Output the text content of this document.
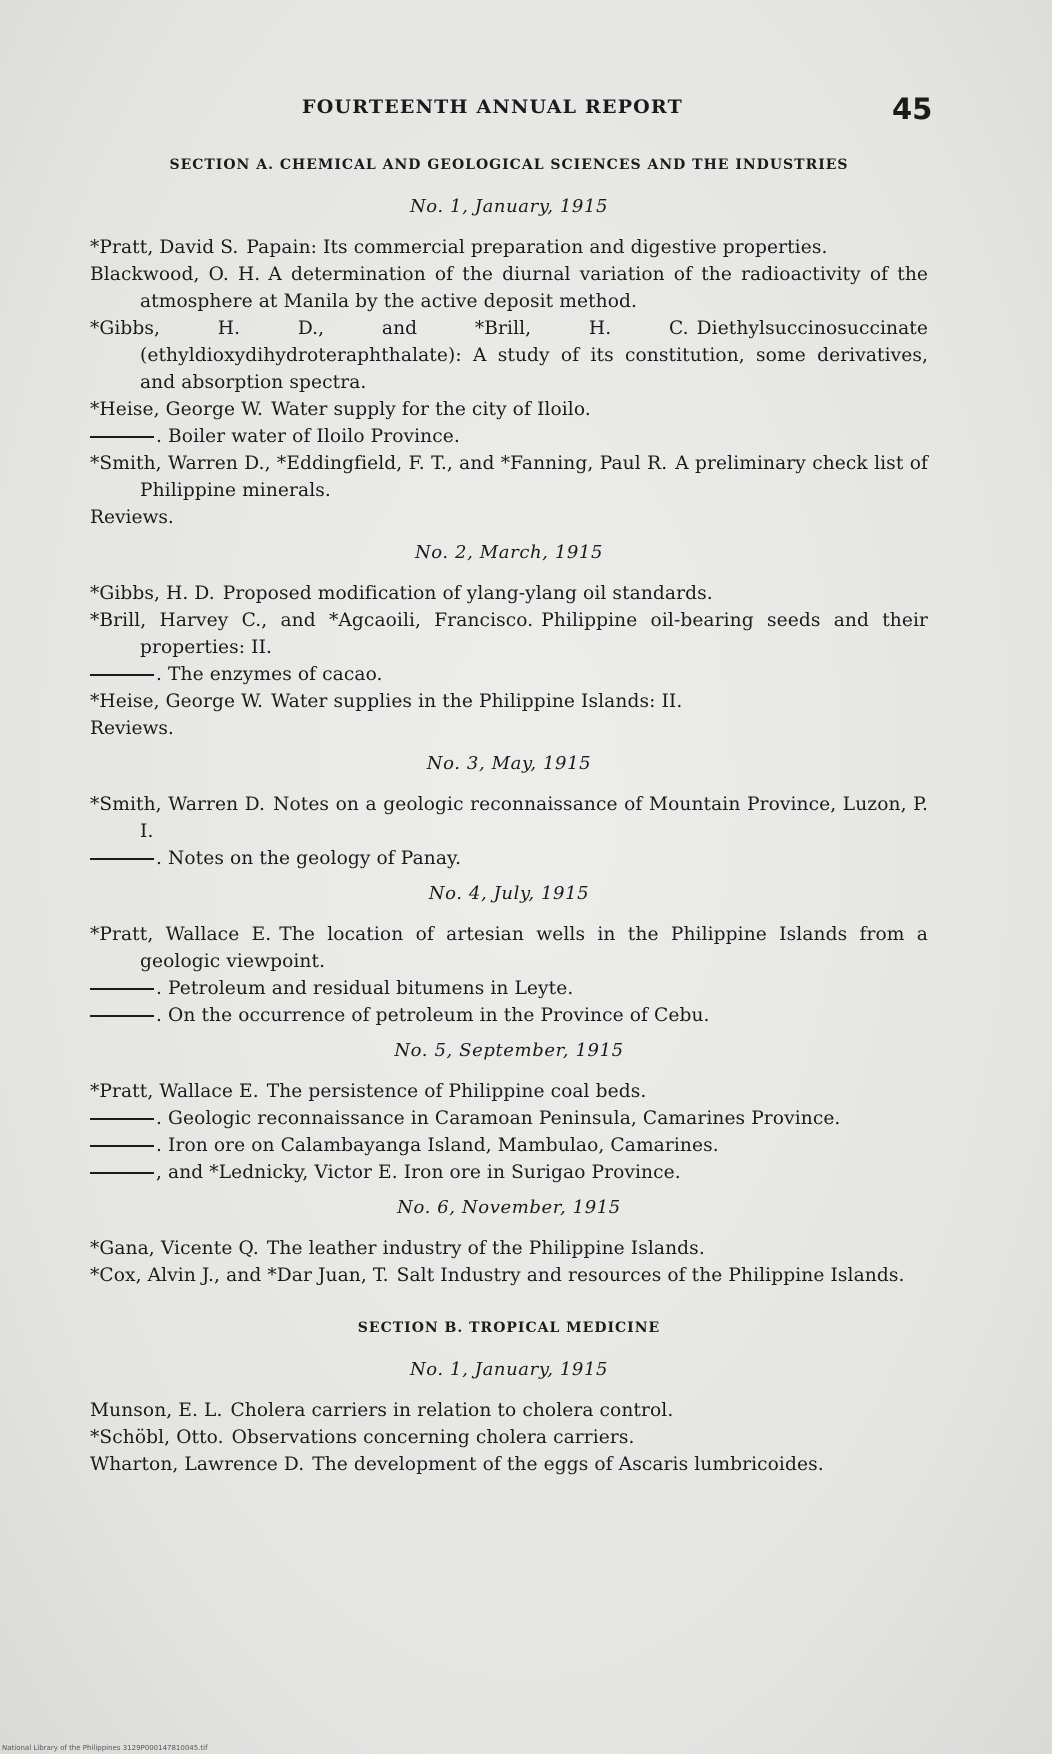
FOURTEENTH ANNUAL REPORT	45
SECTION A. CHEMICAL AND GEOLOGICAL SCIENCES AND THE INDUSTRIES
No. 1, January, 1915

*Pratt, David S. Papain: Its commercial preparation and digestive properties.

Blackwood, O. H. A determination of the diurnal variation of the radioactivity of the atmosphere at Manila by the active deposit method.

*Gibbs, H. D., and *Brill, H. C. Diethylsuccinosuccinate (ethyldioxydihydroteraphthalate): A study of its constitution, some derivatives, and absorption spectra.

*Heise, George W. Water supply for the city of Iloilo.

. Boiler water of Iloilo Province.

*Smith, Warren D., *Eddingfield, F. T., and *Fanning, Paul R. A preliminary check list of Philippine minerals.

Reviews.

No. 2, March, 1915

*Gibbs, H. D. Proposed modification of ylang-ylang oil standards.

*Brill, Harvey C., and *Agcaoili, Francisco. Philippine oil-bearing seeds and their properties: II.

. The enzymes of cacao.

*Heise, George W. Water supplies in the Philippine Islands: II.

Reviews.

No. 3, May, 1915

*Smith, Warren D. Notes on a geologic reconnaissance of Mountain Province, Luzon, P. I.

. Notes on the geology of Panay.

No. 4, July, 1915

*Pratt, Wallace E. The location of artesian wells in the Philippine Islands from a geologic viewpoint.

. Petroleum and residual bitumens in Leyte.

. On the occurrence of petroleum in the Province of Cebu.

No. 5, September, 1915

*Pratt, Wallace E. The persistence of Philippine coal beds.

. Geologic reconnaissance in Caramoan Peninsula, Camarines Province.

. Iron ore on Calambayanga Island, Mambulao, Camarines.

, and *Lednicky, Victor E. Iron ore in Surigao Province.

No. 6, November, 1915

*Gana, Vicente Q. The leather industry of the Philippine Islands.

*Cox, Alvin J., and *Dar Juan, T. Salt Industry and resources of the Philippine Islands.

SECTION B. TROPICAL MEDICINE
No. 1, January, 1915

Munson, E. L. Cholera carriers in relation to cholera control.

*Schöbl, Otto. Observations concerning cholera carriers.

Wharton, Lawrence D. The development of the eggs of Ascaris lumbricoides.

National Library of the Philippines 3129P000147810045.tif
